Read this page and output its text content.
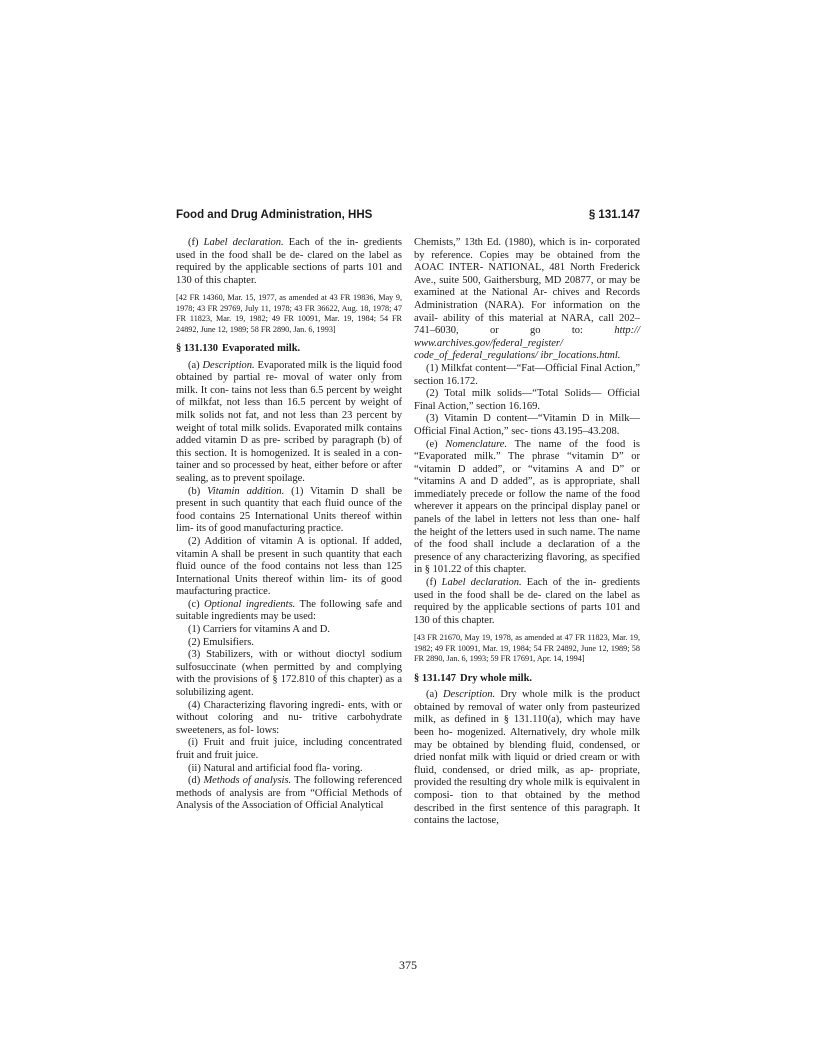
Food and Drug Administration, HHS	§ 131.147

(f) Label declaration. Each of the in- gredients used in the food shall be de- clared on the label as required by the applicable sections of parts 101 and 130 of this chapter.

[42 FR 14360, Mar. 15, 1977, as amended at 43 FR 19836, May 9, 1978; 43 FR 29769, July 11, 1978; 43 FR 36622, Aug. 18, 1978; 47 FR 11823, Mar. 19, 1982; 49 FR 10091, Mar. 19, 1984; 54 FR 24892, June 12, 1989; 58 FR 2890, Jan. 6, 1993]

§ 131.130 Evaporated milk.

(a) Description. Evaporated milk is the liquid food obtained by partial re- moval of water only from milk. It con- tains not less than 6.5 percent by weight of milkfat, not less than 16.5 percent by weight of milk solids not fat, and not less than 23 percent by weight of total milk solids. Evaporated milk contains added vitamin D as pre- scribed by paragraph (b) of this section. It is homogenized. It is sealed in a con- tainer and so processed by heat, either before or after sealing, as to prevent spoilage.

(b) Vitamin addition. (1) Vitamin D shall be present in such quantity that each fluid ounce of the food contains 25 International Units thereof within lim- its of good manufacturing practice.

(2) Addition of vitamin A is optional. If added, vitamin A shall be present in such quantity that each fluid ounce of the food contains not less than 125 International Units thereof within lim- its of good maufacturing practice.

(c) Optional ingredients. The following safe and suitable ingredients may be used:

(1) Carriers for vitamins A and D.

(2) Emulsifiers.

(3) Stabilizers, with or without dioctyl sodium sulfosuccinate (when permitted by and complying with the provisions of § 172.810 of this chapter) as a solubilizing agent.

(4) Characterizing flavoring ingredi- ents, with or without coloring and nu- tritive carbohydrate sweeteners, as fol- lows:

(i) Fruit and fruit juice, including concentrated fruit and fruit juice.

(ii) Natural and artificial food fla- voring.

(d) Methods of analysis. The following referenced methods of analysis are from “Official Methods of Analysis of the Association of Official Analytical

Chemists,” 13th Ed. (1980), which is in- corporated by reference. Copies may be obtained from the AOAC INTER- NATIONAL, 481 North Frederick Ave., suite 500, Gaithersburg, MD 20877, or may be examined at the National Ar- chives and Records Administration (NARA). For information on the avail- ability of this material at NARA, call 202–741–6030, or go to: http:// www.archives.gov/federal_register/ code_of_federal_regulations/ ibr_locations.html.

(1) Milkfat content—“Fat—Official Final Action,” section 16.172.

(2) Total milk solids—“Total Solids— Official Final Action,” section 16.169.

(3) Vitamin D content—“Vitamin D in Milk—Official Final Action,” sec- tions 43.195–43.208.

(e) Nomenclature. The name of the food is “Evaporated milk.” The phrase “vitamin D” or “vitamin D added”, or “vitamins A and D” or “vitamins A and D added”, as is appropriate, shall immediately precede or follow the name of the food wherever it appears on the principal display panel or panels of the label in letters not less than one- half the height of the letters used in such name. The name of the food shall include a declaration of a the presence of any characterizing flavoring, as specified in § 101.22 of this chapter.

(f) Label declaration. Each of the in- gredients used in the food shall be de- clared on the label as required by the applicable sections of parts 101 and 130 of this chapter.

[43 FR 21670, May 19, 1978, as amended at 47 FR 11823, Mar. 19, 1982; 49 FR 10091, Mar. 19, 1984; 54 FR 24892, June 12, 1989; 58 FR 2890, Jan. 6, 1993; 59 FR 17691, Apr. 14, 1994]

§ 131.147 Dry whole milk.

(a) Description. Dry whole milk is the product obtained by removal of water only from pasteurized milk, as defined in § 131.110(a), which may have been ho- mogenized. Alternatively, dry whole milk may be obtained by blending fluid, condensed, or dried nonfat milk with liquid or dried cream or with fluid, condensed, or dried milk, as ap- propriate, provided the resulting dry whole milk is equivalent in composi- tion to that obtained by the method described in the first sentence of this paragraph. It contains the lactose,

375
